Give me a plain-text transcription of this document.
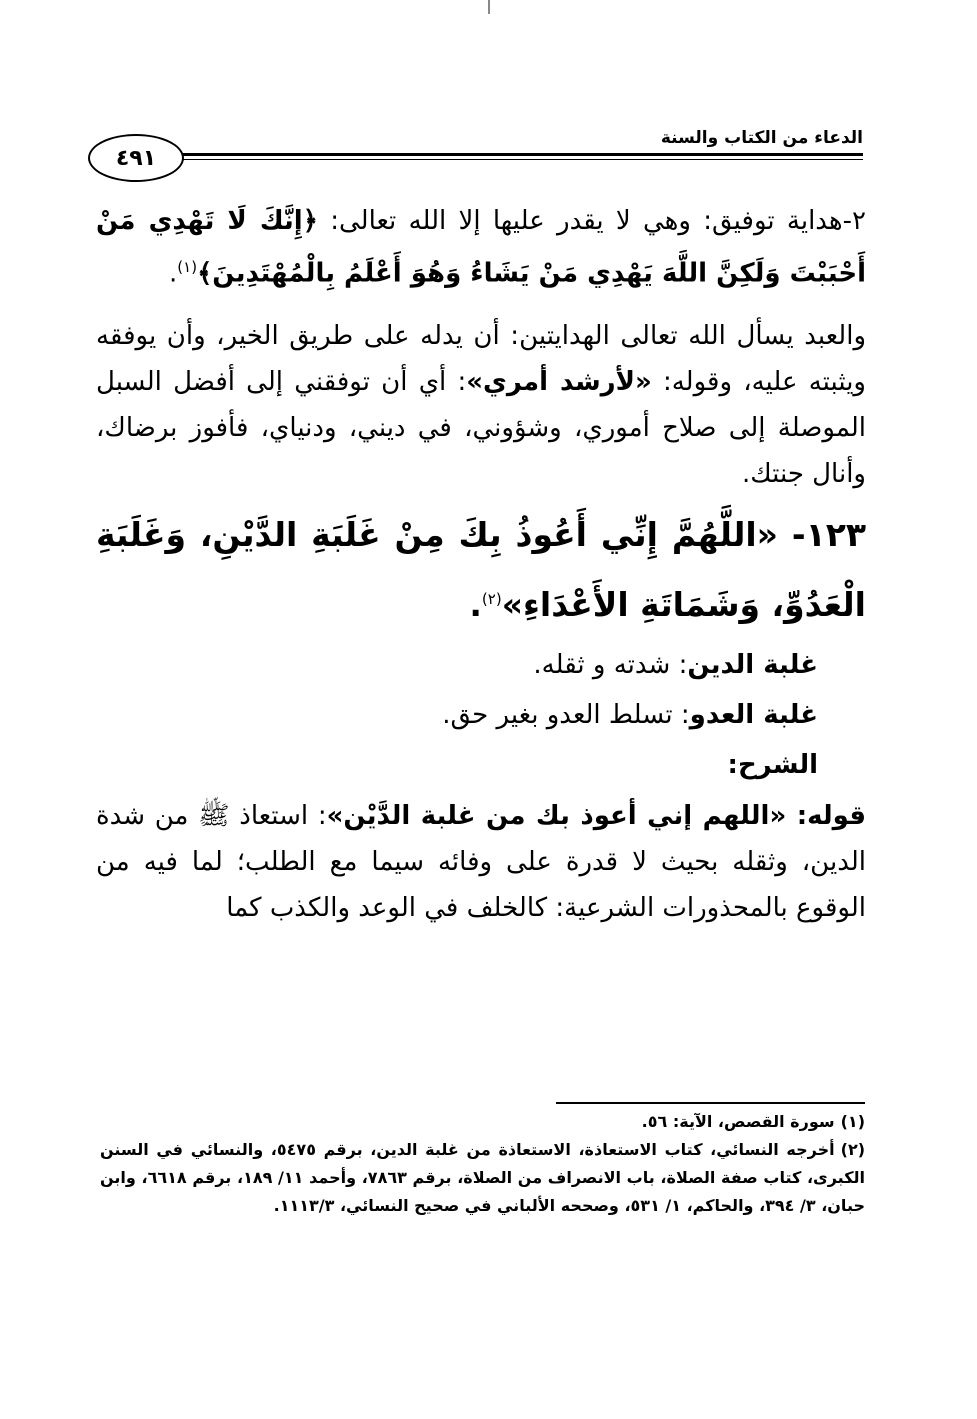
الدعاء من الكتاب والسنة
٤٩١

٢-هداية توفيق: وهي لا يقدر عليها إلا الله تعالى: ﴿إِنَّكَ لَا تَهْدِي مَنْ أَحْبَبْتَ وَلَكِنَّ اللَّهَ يَهْدِي مَنْ يَشَاءُ وَهُوَ أَعْلَمُ بِالْمُهْتَدِينَ﴾$^{(١)}$.

والعبد يسأل الله تعالى الهدايتين: أن يدله على طريق الخير، وأن يوفقه ويثبته عليه، وقوله: «لأرشد أمري»: أي أن توفقني إلى أفضل السبل الموصلة إلى صلاح أموري، وشؤوني، في ديني، ودنياي، فأفوز برضاك، وأنال جنتك.

١٢٣- «اللَّهُمَّ إِنِّي أَعُوذُ بِكَ مِنْ غَلَبَةِ الدَّيْنِ، وَغَلَبَةِ الْعَدُوِّ، وَشَمَاتَةِ الأَعْدَاءِ»$^{(٢)}$.

غلبة الدين: شدته و ثقله.

غلبة العدو: تسلط العدو بغير حق.

الشرح:

قوله: «اللهم إني أعوذ بك من غلبة الدَّيْن»: استعاذ ﷺ من شدة الدين، وثقله بحيث لا قدرة على وفائه سيما مع الطلب؛ لما فيه من الوقوع بالمحذورات الشرعية: كالخلف في الوعد والكذب كما

(١)سورة القصص، الآية: ٥٦.

(٢)أخرجه النسائي، كتاب الاستعاذة، الاستعاذة من غلبة الدين، برقم ٥٤٧٥، والنسائي في السنن الكبرى، كتاب صفة الصلاة، باب الانصراف من الصلاة، برقم ٧٨٦٣، وأحمد ١١/ ١٨٩، برقم ٦٦١٨، وابن حبان، ٣/ ٣٩٤، والحاكم، ١/ ٥٣١، وصححه الألباني في صحيح النسائي، ١١١٣/٣.
